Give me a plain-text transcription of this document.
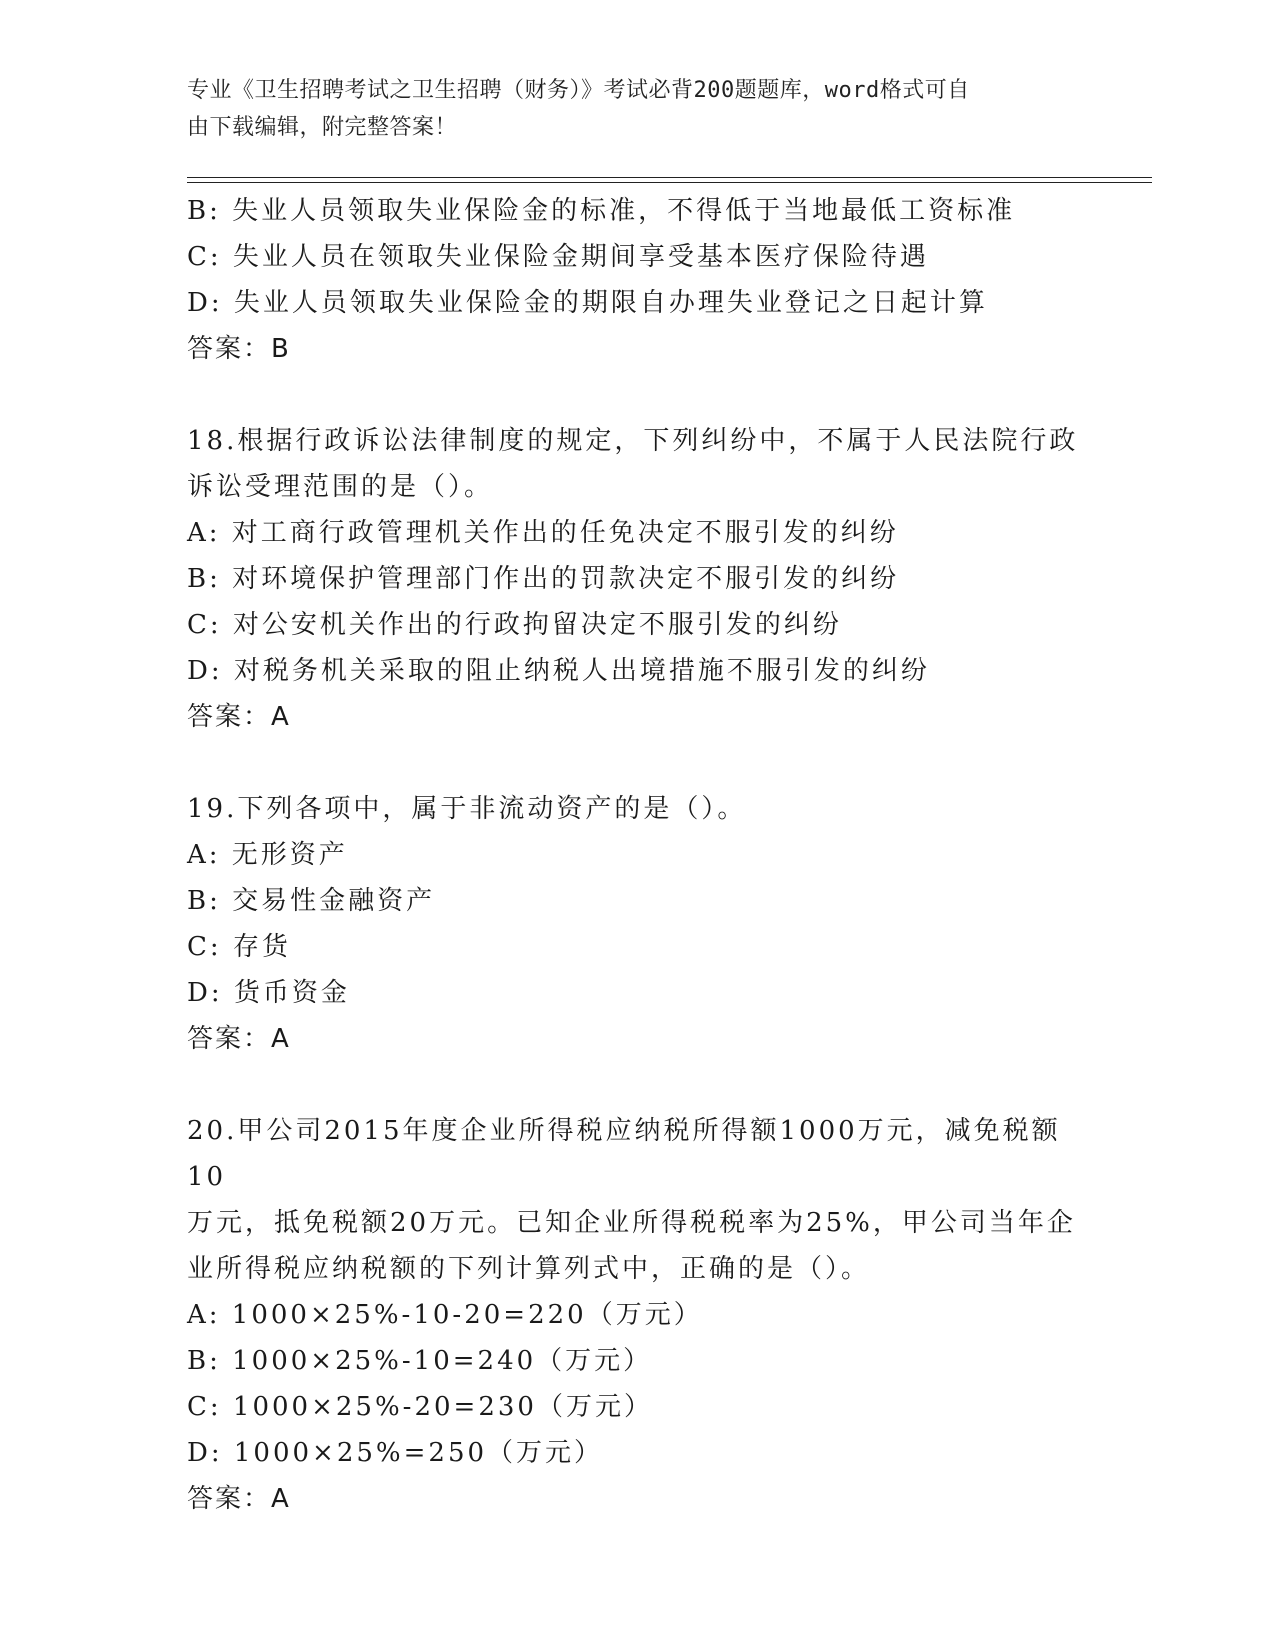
专业《卫生招聘考试之卫生招聘（财务）》考试必背200题题库，word格式可自
由下载编辑，附完整答案！
B: 失业人员领取失业保险金的标准，不得低于当地最低工资标准
C: 失业人员在领取失业保险金期间享受基本医疗保险待遇
D: 失业人员领取失业保险金的期限自办理失业登记之日起计算
答案：B
18.根据行政诉讼法律制度的规定，下列纠纷中，不属于人民法院行政
诉讼受理范围的是（）。
A: 对工商行政管理机关作出的任免决定不服引发的纠纷
B: 对环境保护管理部门作出的罚款决定不服引发的纠纷
C: 对公安机关作出的行政拘留决定不服引发的纠纷
D: 对税务机关采取的阻止纳税人出境措施不服引发的纠纷
答案：A
19.下列各项中，属于非流动资产的是（）。
A: 无形资产
B: 交易性金融资产
C: 存货
D: 货币资金
答案：A
20.甲公司2015年度企业所得税应纳税所得额1000万元，减免税额10
万元，抵免税额20万元。已知企业所得税税率为25%，甲公司当年企
业所得税应纳税额的下列计算列式中，正确的是（）。
A: 1000×25%-10-20=220（万元）
B: 1000×25%-10=240（万元）
C: 1000×25%-20=230（万元）
D: 1000×25%=250（万元）
答案：A
